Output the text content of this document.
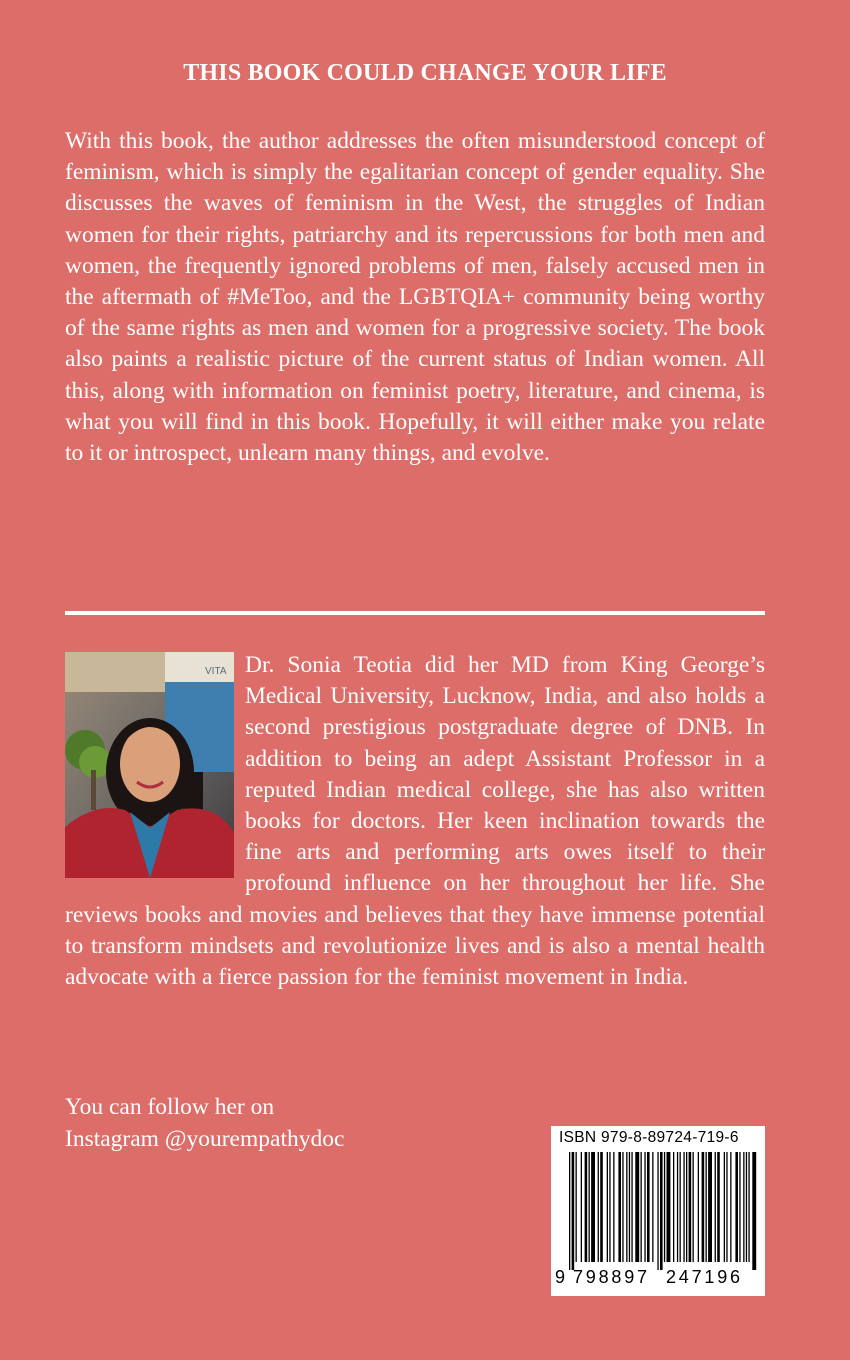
THIS BOOK COULD CHANGE YOUR LIFE

With this book, the author addresses the often misunderstood concept of feminism, which is simply the egalitarian concept of gender equality. She discusses the waves of feminism in the West, the struggles of Indian women for their rights, patriarchy and its repercussions for both men and women, the frequently ignored problems of men, falsely accused men in the aftermath of #MeToo, and the LGBTQIA+ community being worthy of the same rights as men and women for a progressive society. The book also paints a realistic picture of the current status of Indian women. All this, along with information on feminist poetry, literature, and cinema, is what you will find in this book. Hopefully, it will either make you relate to it or introspect, unlearn many things, and evolve.

VITA Dr. Sonia Teotia did her MD from King George’s Medical University, Lucknow, India, and also holds a second prestigious postgraduate degree of DNB. In addition to being an adept Assistant Professor in a reputed Indian medical college, she has also written books for doctors. Her keen inclination towards the fine arts and performing arts owes itself to their profound influence on her throughout her life. She reviews books and movies and believes that they have immense potential to transform mindsets and revolutionize lives and is also a mental health advocate with a fierce passion for the feminist movement in India.

You can follow her on
Instagram @yourempathydoc	ISBN 979-8-89724-719-6
9 798897 247196
